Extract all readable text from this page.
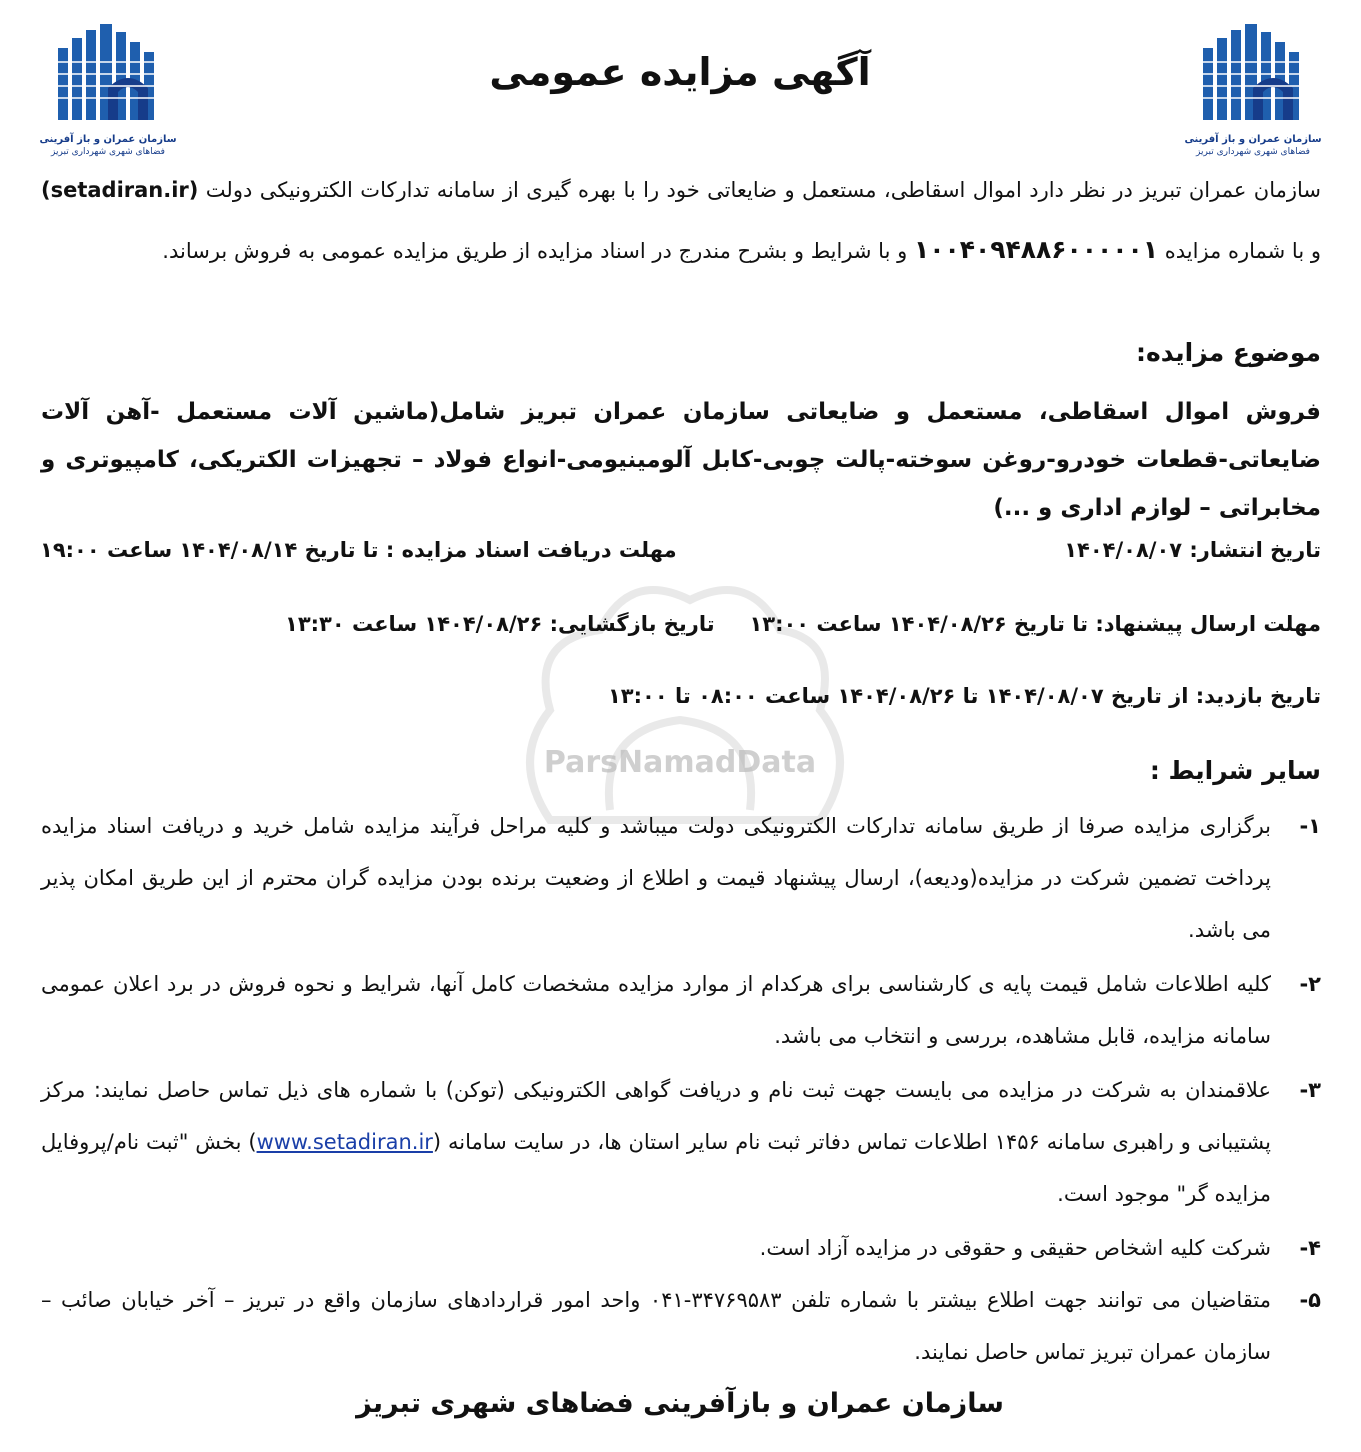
سازمان عمران و باز آفرینی
فضاهای شهری شهرداری تبریز
سازمان عمران و باز آفرینی
فضاهای شهری شهرداری تبریز
آگهی مزایده عمومی
ParsNamadData

سازمان عمران تبریز در نظر دارد اموال اسقاطی، مستعمل و ضایعاتی خود را با بهره گیری از سامانه تدارکات الکترونیکی دولت (setadiran.ir) و با شماره مزایده ۱۰۰۴۰۹۴۸۸۶۰۰۰۰۰۱ و با شرایط و بشرح مندرج در اسناد مزایده از طریق مزایده عمومی به فروش برساند.

موضوع مزایده:

فروش اموال اسقاطی، مستعمل و ضایعاتی سازمان عمران تبریز شامل(ماشین آلات مستعمل -آهن آلات ضایعاتی-قطعات خودرو-روغن سوخته-پالت چوبی-کابل آلومینیومی-انواع فولاد – تجهیزات الکتریکی، کامپیوتری و مخابراتی – لوازم اداری و ...)

تاریخ انتشار: ۱۴۰۴/۰۸/۰۷
مهلت دریافت اسناد مزایده : تا تاریخ ۱۴۰۴/۰۸/۱۴ ساعت ۱۹:۰۰
مهلت ارسال پیشنهاد: تا تاریخ ۱۴۰۴/۰۸/۲۶ ساعت ۱۳:۰۰
تاریخ بازگشایی: ۱۴۰۴/۰۸/۲۶ ساعت ۱۳:۳۰
تاریخ بازدید: از تاریخ ۱۴۰۴/۰۸/۰۷ تا ۱۴۰۴/۰۸/۲۶ ساعت ۰۸:۰۰ تا ۱۳:۰۰
سایر شرایط :
۱-
برگزاری مزایده صرفا از طریق سامانه تدارکات الکترونیکی دولت میباشد و کلیه مراحل فرآیند مزایده شامل خرید و دریافت اسناد مزایده پرداخت تضمین شرکت در مزایده(ودیعه)، ارسال پیشنهاد قیمت و اطلاع از وضعیت برنده بودن مزایده گران محترم از این طریق امکان پذیر می باشد.
۲-
کلیه اطلاعات شامل قیمت پایه ی کارشناسی برای هرکدام از موارد مزایده مشخصات کامل آنها، شرایط و نحوه فروش در برد اعلان عمومی سامانه مزایده، قابل مشاهده، بررسی و انتخاب می باشد.
۳-
علاقمندان به شرکت در مزایده می بایست جهت ثبت نام و دریافت گواهی الکترونیکی (توکن) با شماره های ذیل تماس حاصل نمایند: مرکز پشتیبانی و راهبری سامانه ۱۴۵۶ اطلاعات تماس دفاتر ثبت نام سایر استان ها، در سایت سامانه (www.setadiran.ir) بخش "ثبت نام/پروفایل مزایده گر" موجود است.
۴-
شرکت کلیه اشخاص حقیقی و حقوقی در مزایده آزاد است.
۵-
متقاضیان می توانند جهت اطلاع بیشتر با شماره تلفن ۳۴۷۶۹۵۸۳-۰۴۱ واحد امور قراردادهای سازمان واقع در تبریز – آخر خیابان صائب – سازمان عمران تبریز تماس حاصل نمایند.
سازمان عمران و بازآفرینی فضاهای شهری تبریز
